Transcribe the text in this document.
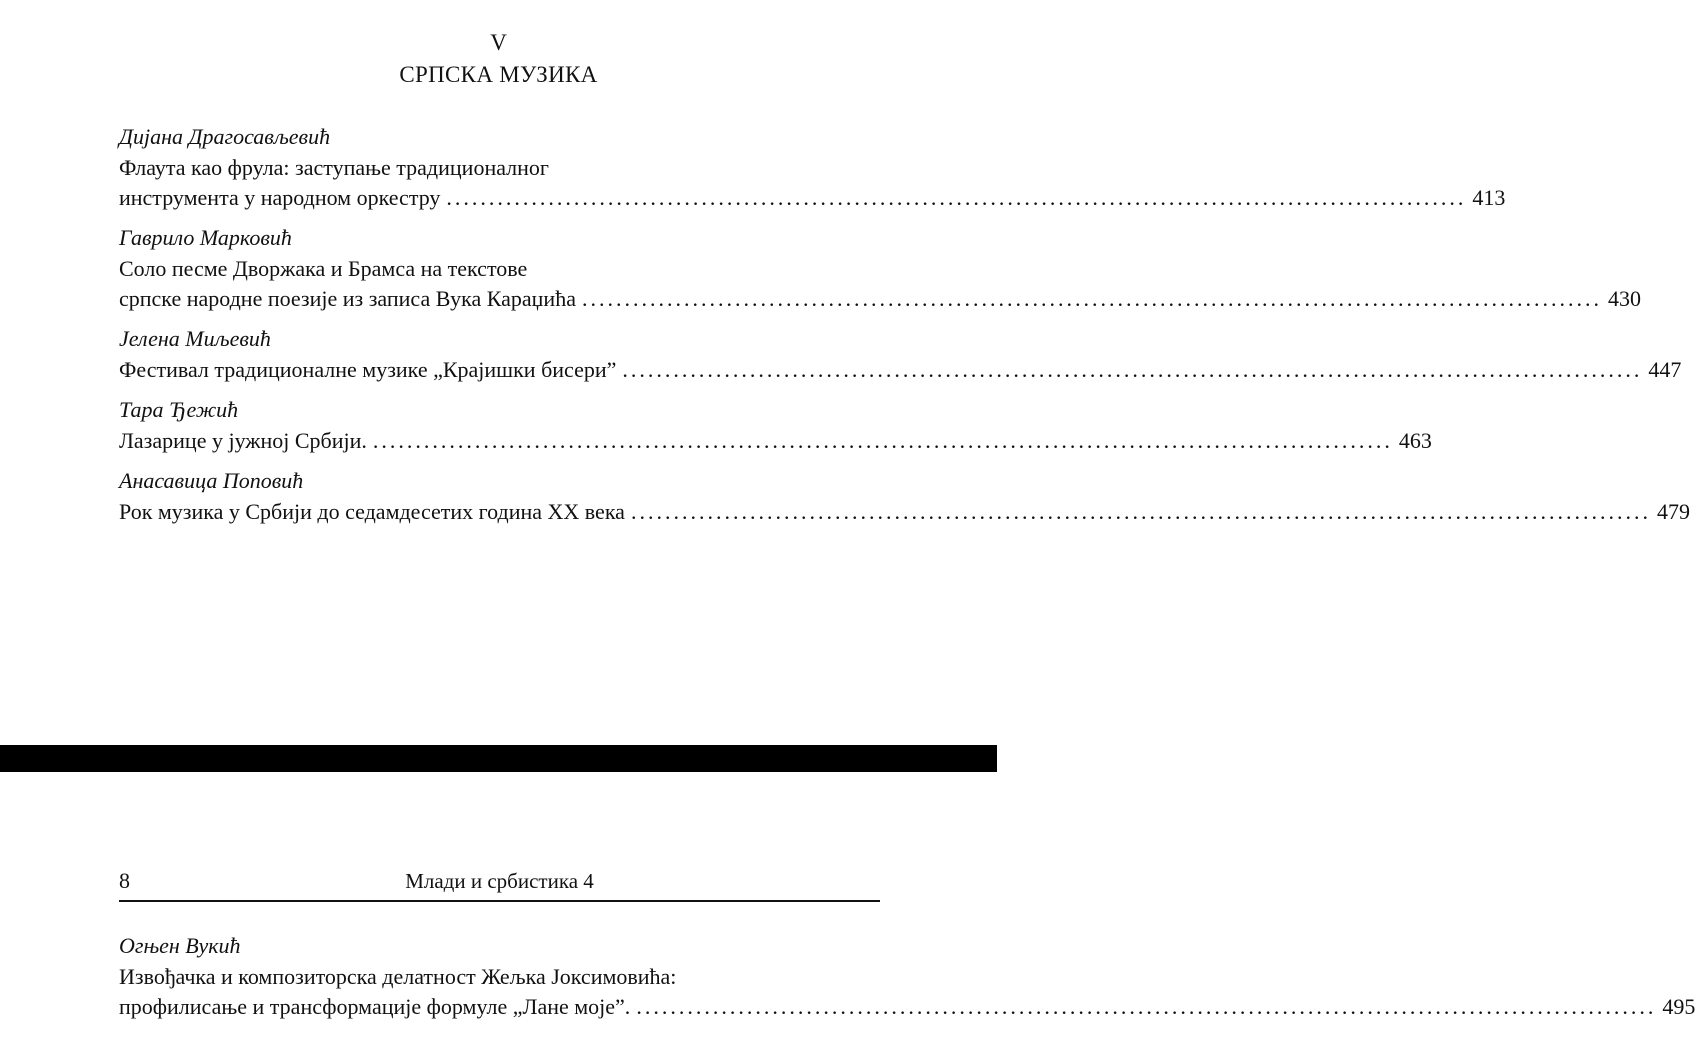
V
СРПСКА МУЗИКА
Дијана Драгосављевић
Флаута као фрула: заступање традиционалног
инструмента у народном оркестру ........................................................................................................................ 413
Гаврило Марковић
Соло песме Дворжака и Брамса на текстове
српске народне поезије из записа Вука Караџића ........................................................................................................................ 430
Јелена Миљевић
Фестивал традиционалне музике „Крајишки бисери” ........................................................................................................................ 447
Тара Ђежић
Лазарице у јужној Србији. ........................................................................................................................ 463
Анасавица Поповић
Рок музика у Србији до седамдесетих година XX века ........................................................................................................................ 479
8	Млади и србистика 4
Огњен Вукић
Извођачка и композиторска делатност Жељка Јоксимовића:
профилисање и трансформације формуле „Лане моје”. ........................................................................................................................ 495
